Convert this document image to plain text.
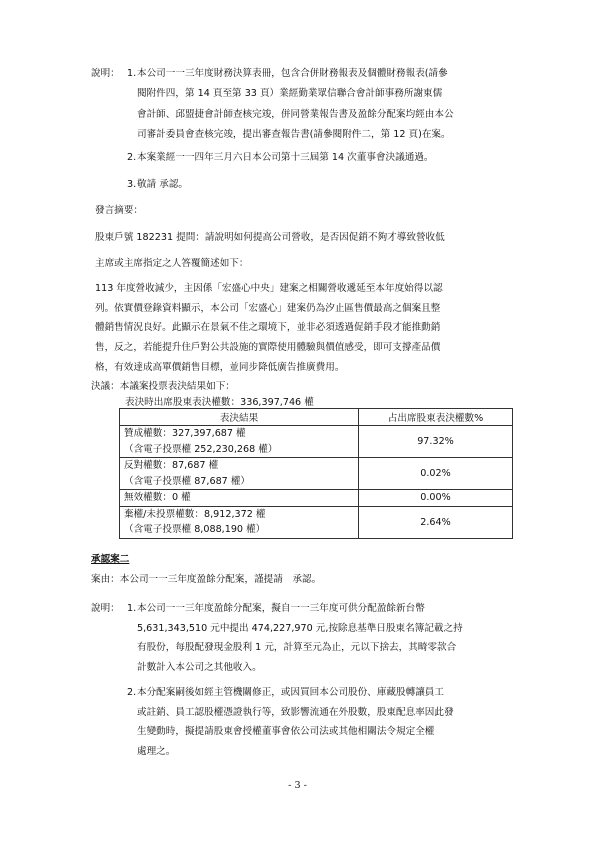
說明： 1. 本公司一一三年度財務決算表冊，包含合併財務報表及個體財務報表(請參
閱附件四，第 14 頁至第 33 頁）業經勤業眾信聯合會計師事務所謝東儒
會計師、邱盟捷會計師查核完竣，併同營業報告書及盈餘分配案均經由本公
司審計委員會查核完竣，提出審查報告書(請參閱附件二，第 12 頁)在案。
2. 本案業經一一四年三月六日本公司第十三屆第 14 次董事會決議通過。
3. 敬請 承認。
發言摘要：
股東戶號 182231 提問：請說明如何提高公司營收，是否因促銷不夠才導致營收低
主席或主席指定之人答覆簡述如下：
113 年度營收減少，主因係「宏盛心中央」建案之相關營收遞延至本年度始得以認
列。依實價登錄資料顯示，本公司「宏盛心」建案仍為汐止區售價最高之個案且整
體銷售情況良好。此顯示在景氣不佳之環境下，並非必須透過促銷手段才能推動銷
售，反之，若能提升住戶對公共設施的實際使用體驗與價值感受，即可支撐產品價
格，有效達成高單價銷售目標，並同步降低廣告推廣費用。
決議：本議案投票表決結果如下：
表決時出席股東表決權數：336,397,746 權
表決結果	占出席股東表決權數%

贊成權數：327,397,687 權
（含電子投票權 252,230,268 權）	97.32%

反對權數：87,687 權
（含電子投票權 87,687 權）	0.02%

無效權數：0 權	0.00%

棄權/未投票權數：8,912,372 權
（含電子投票權 8,088,190 權）	2.64%
承認案二
案由：本公司一一三年度盈餘分配案，謹提請　承認。
說明： 1. 本公司一一三年度盈餘分配案，擬自一一三年度可供分配盈餘新台幣
5,631,343,510 元中提出 474,227,970 元,按除息基準日股東名簿記載之持
有股份，每股配發現金股利 1 元，計算至元為止，元以下捨去，其畸零款合
計數計入本公司之其他收入。
2. 本分配案嗣後如經主管機關修正，或因買回本公司股份、庫藏股轉讓員工
或註銷、員工認股權憑證執行等，致影響流通在外股數，股東配息率因此發
生變動時，擬提請股東會授權董事會依公司法或其他相關法令規定全權
處理之。
- 3 -
